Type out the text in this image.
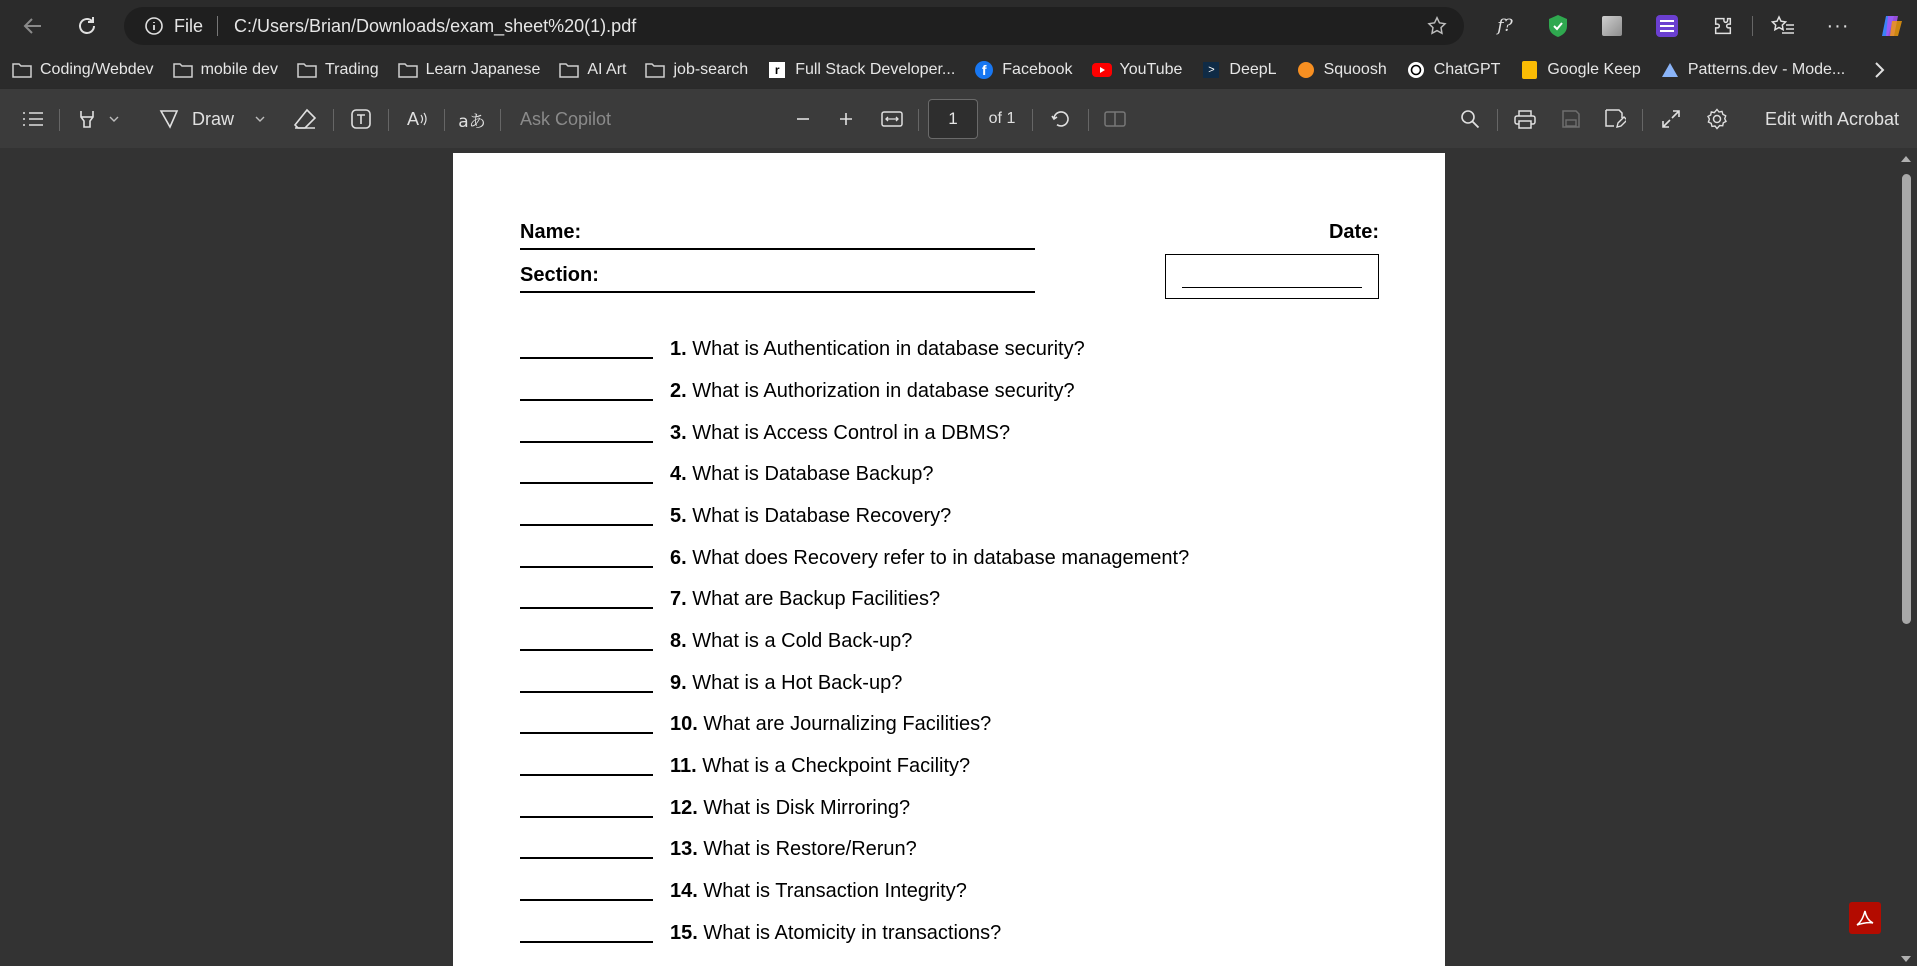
File C:/Users/Brian/Downloads/exam_sheet%20(1).pdf	f?	···
Coding/Webdev	mobile dev	Trading	Learn Japanese	AI Art	job-search	r Full Stack Developer...	f Facebook	YouTube	> DeepL	Squoosh	ChatGPT	Google Keep	Patterns.dev - Mode...
Draw	A aあ Ask Copilot	1	of 1	Edit with Acrobat
Name:
Section:
Date:
1. What is Authentication in database security?
2. What is Authorization in database security?
3. What is Access Control in a DBMS?
4. What is Database Backup?
5. What is Database Recovery?
6. What does Recovery refer to in database management?
7. What are Backup Facilities?
8. What is a Cold Back-up?
9. What is a Hot Back-up?
10. What are Journalizing Facilities?
11. What is a Checkpoint Facility?
12. What is Disk Mirroring?
13. What is Restore/Rerun?
14. What is Transaction Integrity?
15. What is Atomicity in transactions?
